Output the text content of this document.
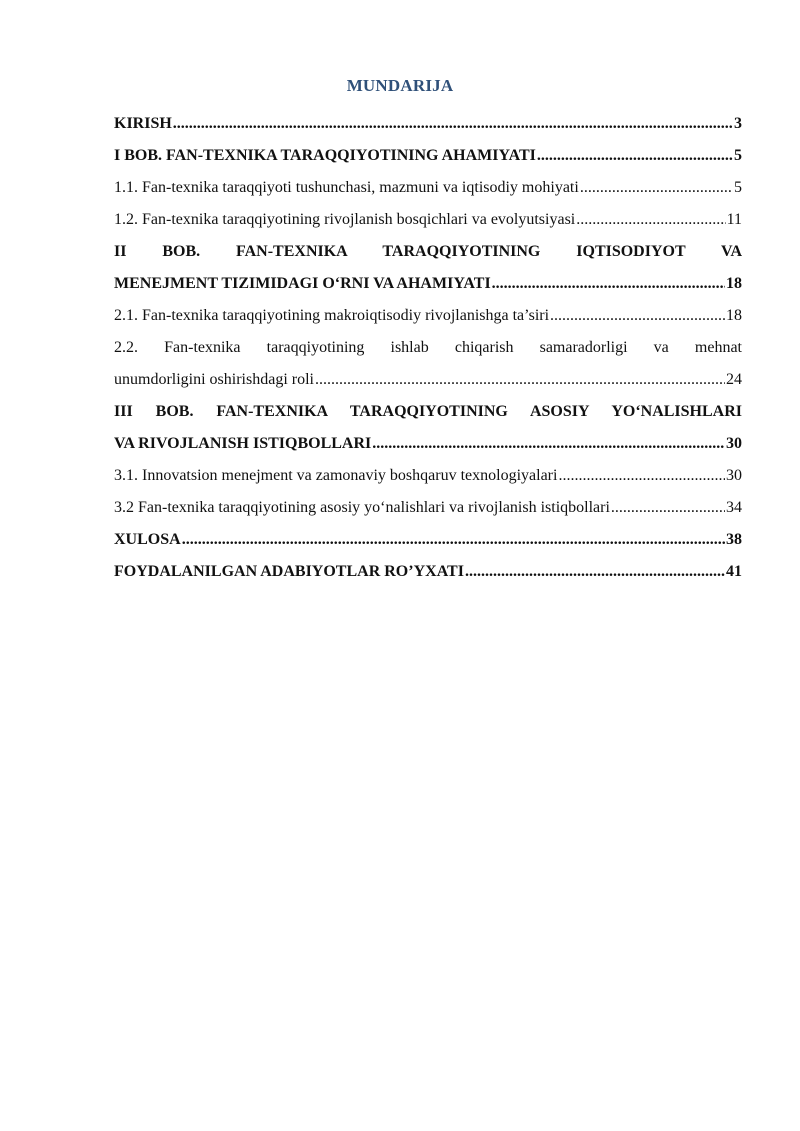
MUNDARIJA
KIRISH .....	3
I BOB. FAN-TEXNIKA TARAQQIYOTINING AHAMIYATI .....	5
1.1. Fan-texnika taraqqiyoti tushunchasi, mazmuni va iqtisodiy mohiyati .....	5
1.2. Fan-texnika taraqqiyotining rivojlanish bosqichlari va evolyutsiyasi .....	11
II BOB. FAN-TEXNIKA TARAQQIYOTINING IQTISODIYOT VA
MENEJMENT TIZIMIDAGI O‘RNI VA AHAMIYATI .....	18
2.1. Fan-texnika taraqqiyotining makroiqtisodiy rivojlanishga ta’siri .....	18
2.2. Fan-texnika taraqqiyotining ishlab chiqarish samaradorligi va mehnat
unumdorligini oshirishdagi roli .....	24
III BOB. FAN-TEXNIKA TARAQQIYOTINING ASOSIY YO‘NALISHLARI
VA RIVOJLANISH ISTIQBOLLARI .....	30
3.1. Innovatsion menejment va zamonaviy boshqaruv texnologiyalari .....	30
3.2 Fan-texnika taraqqiyotining asosiy yo‘nalishlari va rivojlanish istiqbollari .....	34
XULOSA .....	38
FOYDALANILGAN ADABIYOTLAR RO’YXATI .....	41
